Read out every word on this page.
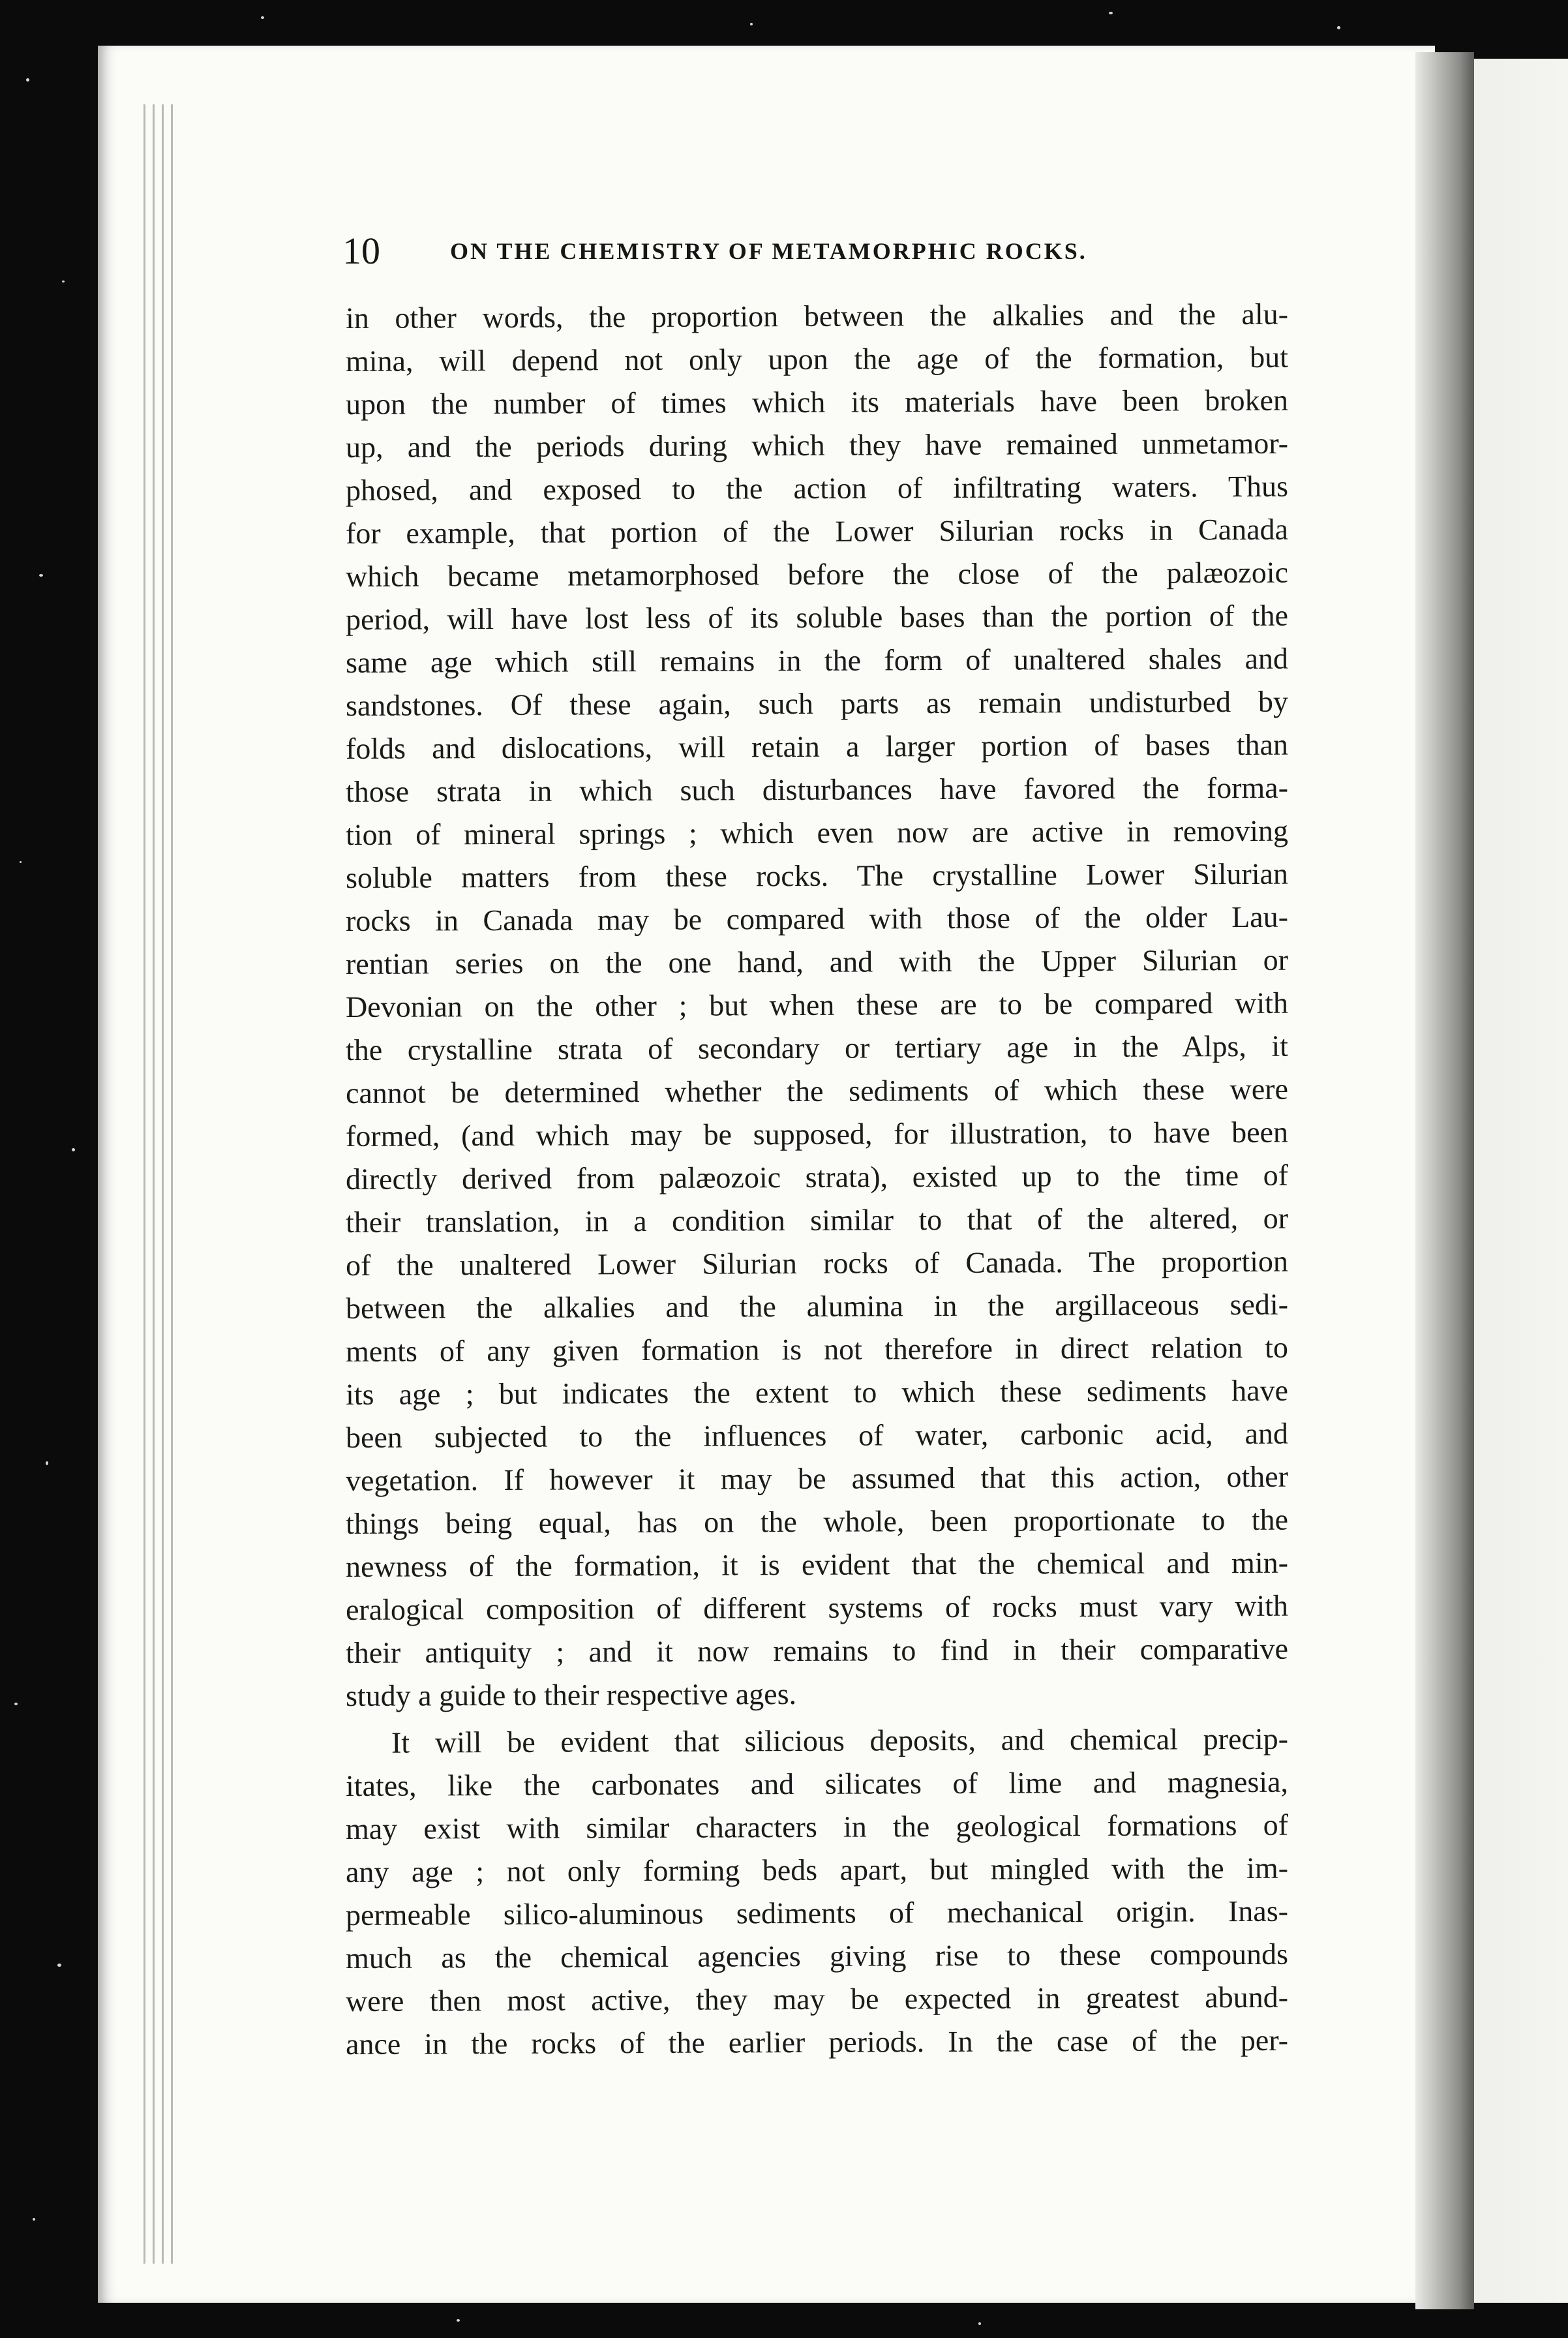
10	ON THE CHEMISTRY OF METAMORPHIC ROCKS.
in other words, the proportion between the alkalies and the alu-
mina, will depend not only upon the age of the formation, but
upon the number of times which its materials have been broken
up, and the periods during which they have remained unmetamor-
phosed, and exposed to the action of infiltrating waters. Thus
for example, that portion of the Lower Silurian rocks in Canada
which became metamorphosed before the close of the palæozoic
period, will have lost less of its soluble bases than the portion of the
same age which still remains in the form of unaltered shales and
sandstones. Of these again, such parts as remain undisturbed by
folds and dislocations, will retain a larger portion of bases than
those strata in which such disturbances have favored the forma-
tion of mineral springs ; which even now are active in removing
soluble matters from these rocks. The crystalline Lower Silurian
rocks in Canada may be compared with those of the older Lau-
rentian series on the one hand, and with the Upper Silurian or
Devonian on the other ; but when these are to be compared with
the crystalline strata of secondary or tertiary age in the Alps, it
cannot be determined whether the sediments of which these were
formed, (and which may be supposed, for illustration, to have been
directly derived from palæozoic strata), existed up to the time of
their translation, in a condition similar to that of the altered, or
of the unaltered Lower Silurian rocks of Canada. The proportion
between the alkalies and the alumina in the argillaceous sedi-
ments of any given formation is not therefore in direct relation to
its age ; but indicates the extent to which these sediments have
been subjected to the influences of water, carbonic acid, and
vegetation. If however it may be assumed that this action, other
things being equal, has on the whole, been proportionate to the
newness of the formation, it is evident that the chemical and min-
eralogical composition of different systems of rocks must vary with
their antiquity ; and it now remains to find in their comparative
study a guide to their respective ages.
It will be evident that silicious deposits, and chemical precip-
itates, like the carbonates and silicates of lime and magnesia,
may exist with similar characters in the geological formations of
any age ; not only forming beds apart, but mingled with the im-
permeable silico-aluminous sediments of mechanical origin. Inas-
much as the chemical agencies giving rise to these compounds
were then most active, they may be expected in greatest abund-
ance in the rocks of the earlier periods. In the case of the per-
